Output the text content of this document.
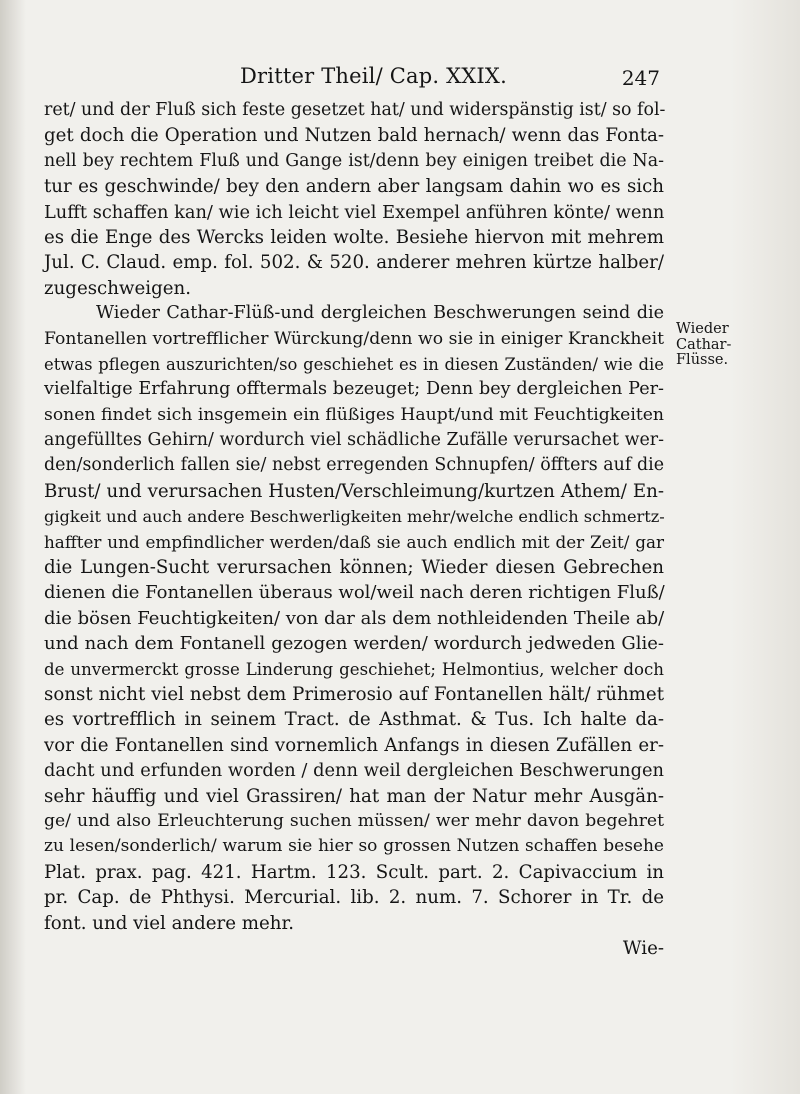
Dritter Theil/ Cap. XXIX.	247
Wieder
Cathar-
Flüsse.
ret/ und der Fluß sich feste gesetzet hat/ und widerspänstig ist/ so fol-
get doch die Operation und Nutzen bald hernach/ wenn das Fonta-
nell bey rechtem Fluß und Gange ist/denn bey einigen treibet die Na-
tur es geschwinde/ bey den andern aber langsam dahin wo es sich
Lufft schaffen kan/ wie ich leicht viel Exempel anführen könte/ wenn
es die Enge des Wercks leiden wolte. Besiehe hiervon mit mehrem
Jul. C. Claud. emp. fol. 502. & 520. anderer mehren kürtze halber/
zugeschweigen.
Wieder Cathar-Flüß-und dergleichen Beschwerungen seind die
Fontanellen vortrefflicher Würckung/denn wo sie in einiger Kranckheit
etwas pflegen auszurichten/so geschiehet es in diesen Zuständen/ wie die
vielfaltige Erfahrung offtermals bezeuget; Denn bey dergleichen Per-
sonen findet sich insgemein ein flüßiges Haupt/und mit Feuchtigkeiten
angefülltes Gehirn/ wordurch viel schädliche Zufälle verursachet wer-
den/sonderlich fallen sie/ nebst erregenden Schnupfen/ öffters auf die
Brust/ und verursachen Husten/Verschleimung/kurtzen Athem/ En-
gigkeit und auch andere Beschwerligkeiten mehr/welche endlich schmertz-
haffter und empfindlicher werden/daß sie auch endlich mit der Zeit/ gar
die Lungen-Sucht verursachen können; Wieder diesen Gebrechen
dienen die Fontanellen überaus wol/weil nach deren richtigen Fluß/
die bösen Feuchtigkeiten/ von dar als dem nothleidenden Theile ab/
und nach dem Fontanell gezogen werden/ wordurch jedweden Glie-
de unvermerckt grosse Linderung geschiehet; Helmontius, welcher doch
sonst nicht viel nebst dem Primerosio auf Fontanellen hält/ rühmet
es vortrefflich in seinem Tract. de Asthmat. & Tus. Ich halte da-
vor die Fontanellen sind vornemlich Anfangs in diesen Zufällen er-
dacht und erfunden worden / denn weil dergleichen Beschwerungen
sehr häuffig und viel Grassiren/ hat man der Natur mehr Ausgän-
ge/ und also Erleuchterung suchen müssen/ wer mehr davon begehret
zu lesen/sonderlich/ warum sie hier so grossen Nutzen schaffen besehe
Plat. prax. pag. 421. Hartm. 123. Scult. part. 2. Capivaccium in
pr. Cap. de Phthysi. Mercurial. lib. 2. num. 7. Schorer in Tr. de
font. und viel andere mehr.
Wie-
